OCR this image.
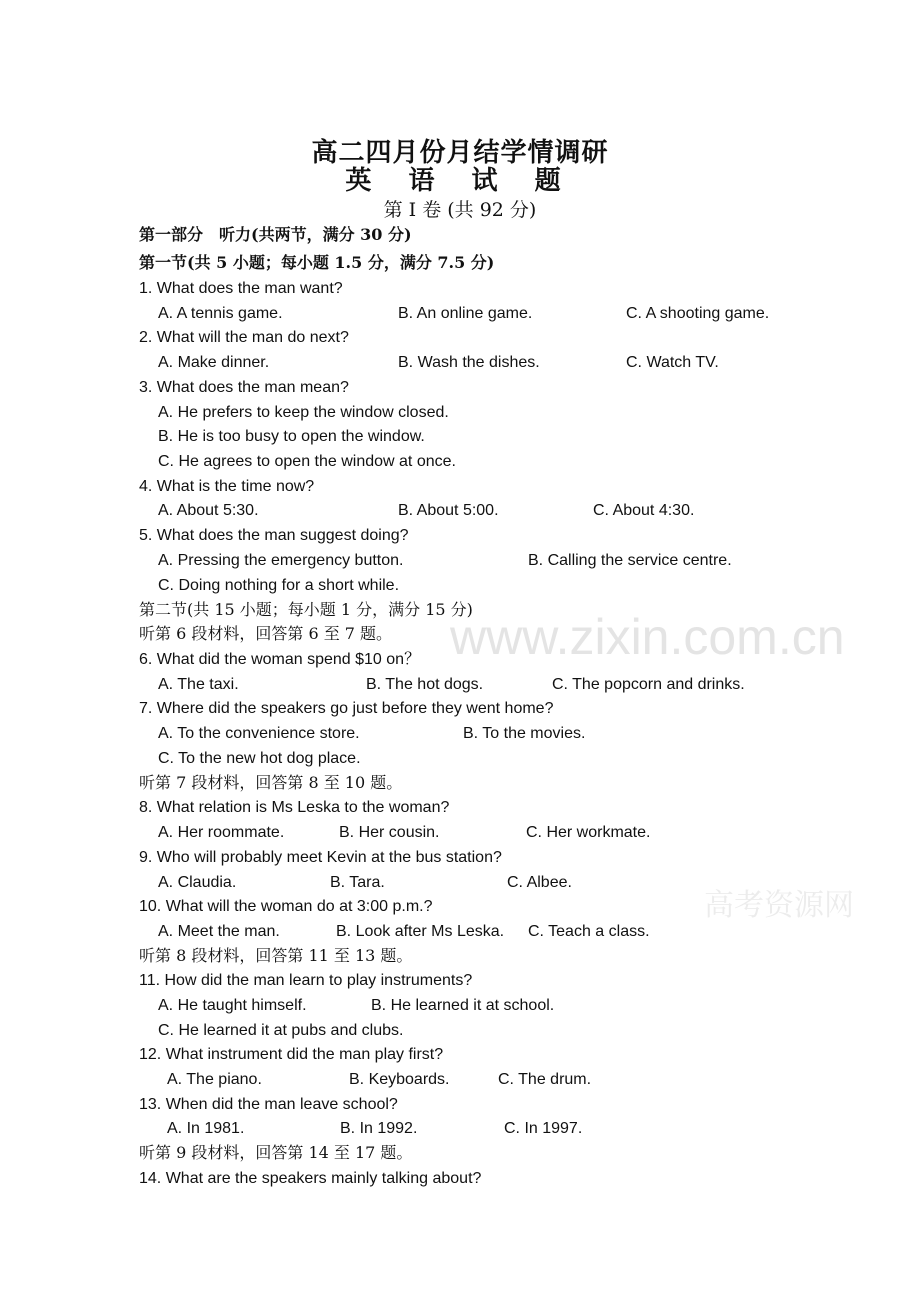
www.zixin.com.cn
高考资源网
高二四月份月结学情调研
英 语 试 题
第 I 卷 (共 92 分)
第一部分　听力(共两节，满分 30 分)
第一节(共 5 小题；每小题 1.5 分，满分 7.5 分)
1. What does the man want?
A. A tennis game.	B. An online game.	C. A shooting game.
2. What will the man do next?
A. Make dinner.	B. Wash the dishes.	C. Watch TV.
3. What does the man mean?
A. He prefers to keep the window closed.
B. He is too busy to open the window.
C. He agrees to open the window at once.
4. What is the time now?
A. About 5:30.	B. About 5:00.	C. About 4:30.
5. What does the man suggest doing?
A. Pressing the emergency button.	B. Calling the service centre.
C. Doing nothing for a short while.
第二节(共 15 小题；每小题 1 分，满分 15 分)
听第 6 段材料，回答第 6 至 7 题。
6. What did the woman spend $10 on？
A. The taxi.	B. The hot dogs.	C. The popcorn and drinks.
7. Where did the speakers go just before they went home?
A. To the convenience store.	B. To the movies.
C. To the new hot dog place.
听第 7 段材料，回答第 8 至 10 题。
8. What relation is Ms Leska to the woman?
A. Her roommate.	B. Her cousin.	C. Her workmate.
9. Who will probably meet Kevin at the bus station?
A. Claudia.	B. Tara.	C. Albee.
10. What will the woman do at 3:00 p.m.?
A. Meet the man.	B. Look after Ms Leska. C. Teach a class.
听第 8 段材料，回答第 11 至 13 题。
11. How did the man learn to play instruments?
A. He taught himself.	B. He learned it at school.
C. He learned it at pubs and clubs.
12. What instrument did the man play first?
A. The piano.	B. Keyboards.	C. The drum.
13. When did the man leave school?
A. In 1981.	B. In 1992.	C. In 1997.
听第 9 段材料，回答第 14 至 17 题。
14. What are the speakers mainly talking about?
